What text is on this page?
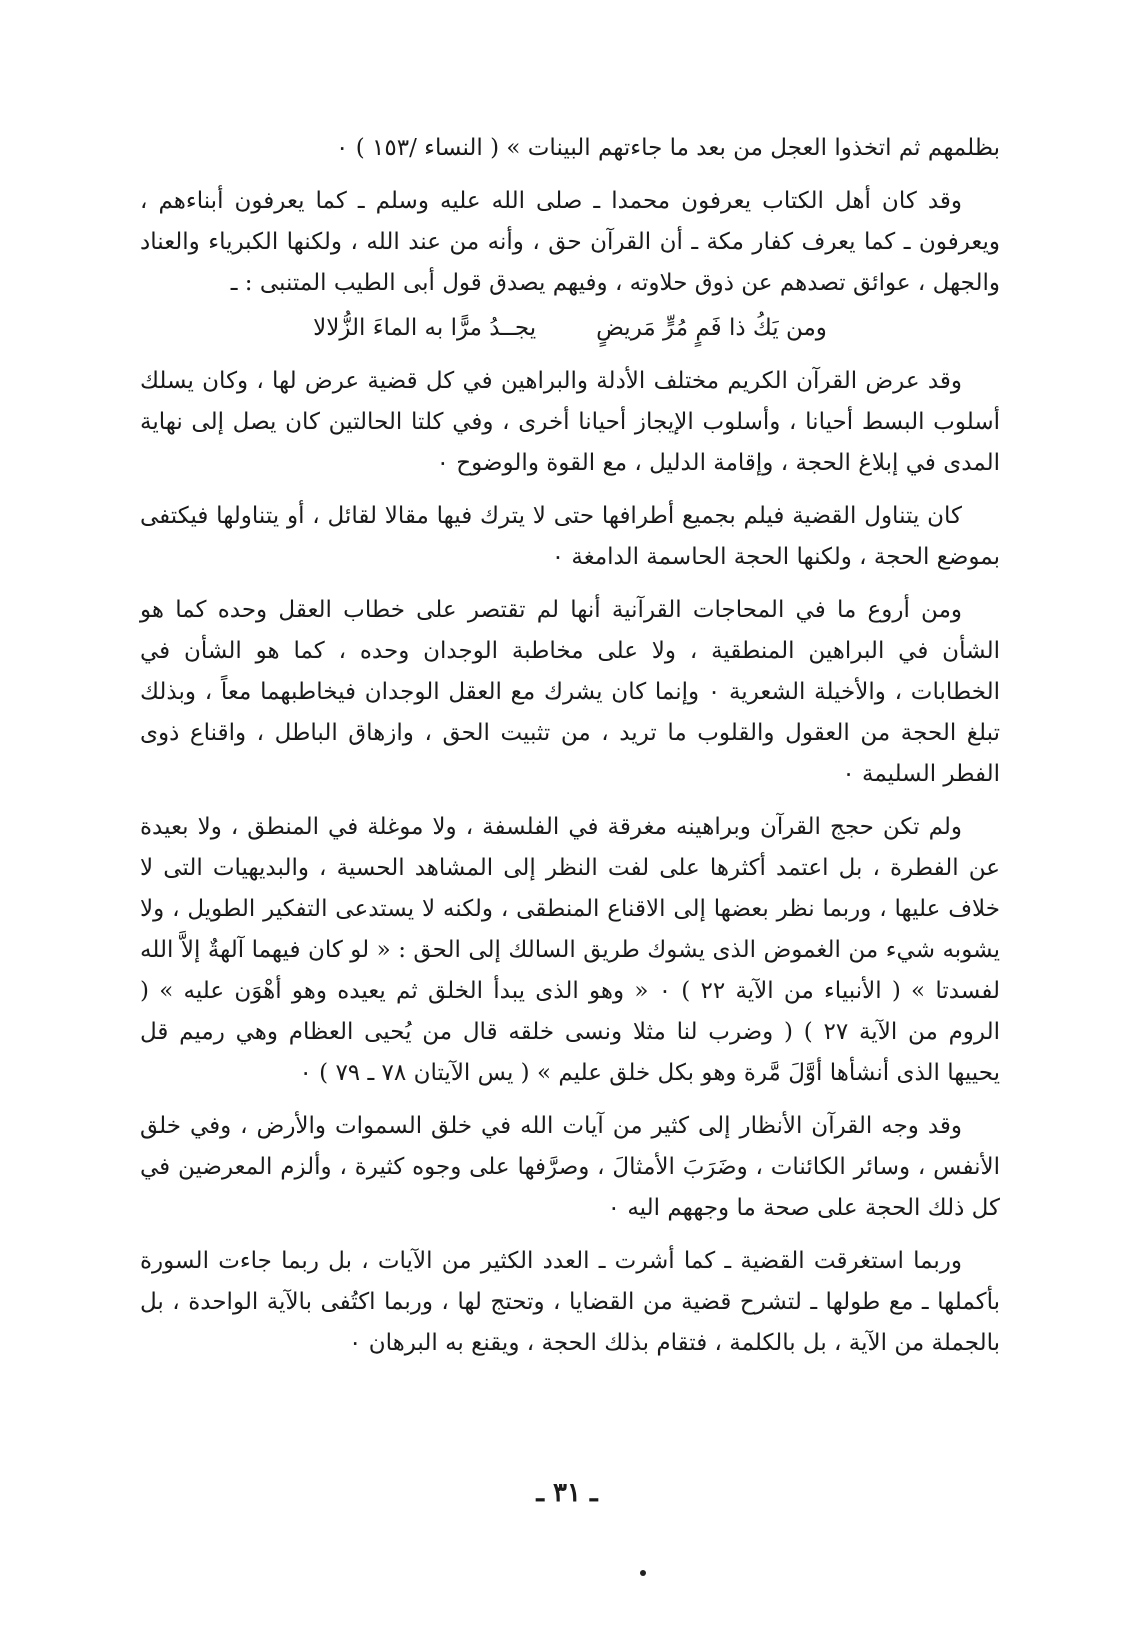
بظلمهم ثم اتخذوا العجل من بعد ما جاءتهم البينات » ( النساء /١٥٣ ) ٠

وقد كان أهل الكتاب يعرفون محمدا ـ صلى الله عليه وسلم ـ كما يعرفون أبناءهم ، ويعرفون ـ كما يعرف كفار مكة ـ أن القرآن حق ، وأنه من عند الله ، ولكنها الكبرياء والعناد والجهل ، عوائق تصدهم عن ذوق حلاوته ، وفيهم يصدق قول أبى الطيب المتنبى : ـ

ومن يَكُ ذا فَمٍ مُرٍّ مَريضٍ
يجــدُ مرًّا به الماءَ الزُّلالا

وقد عرض القرآن الكريم مختلف الأدلة والبراهين في كل قضية عرض لها ، وكان يسلك أسلوب البسط أحيانا ، وأسلوب الإيجاز أحيانا أخرى ، وفي كلتا الحالتين كان يصل إلى نهاية المدى في إبلاغ الحجة ، وإقامة الدليل ، مع القوة والوضوح ٠

كان يتناول القضية فيلم بجميع أطرافها حتى لا يترك فيها مقالا لقائل ، أو يتناولها فيكتفى بموضع الحجة ، ولكنها الحجة الحاسمة الدامغة ٠

ومن أروع ما في المحاجات القرآنية أنها لم تقتصر على خطاب العقل وحده كما هو الشأن في البراهين المنطقية ، ولا على مخاطبة الوجدان وحده ، كما هو الشأن في الخطابات ، والأخيلة الشعرية ٠ وإنما كان يشرك مع العقل الوجدان فيخاطبهما معاً ، وبذلك تبلغ الحجة من العقول والقلوب ما تريد ، من تثبيت الحق ، وازهاق الباطل ، واقناع ذوى الفطر السليمة ٠

ولم تكن حجج القرآن وبراهينه مغرقة في الفلسفة ، ولا موغلة في المنطق ، ولا بعيدة عن الفطرة ، بل اعتمد أكثرها على لفت النظر إلى المشاهد الحسية ، والبديهيات التى لا خلاف عليها ، وربما نظر بعضها إلى الاقناع المنطقى ، ولكنه لا يستدعى التفكير الطويل ، ولا يشوبه شيء من الغموض الذى يشوك طريق السالك إلى الحق : « لو كان فيهما آلهةٌ إلاَّ الله لفسدتا » ( الأنبياء من الآية ٢٢ ) ٠ « وهو الذى يبدأ الخلق ثم يعيده وهو أهْوَن عليه » ( الروم من الآية ٢٧ ) ( وضرب لنا مثلا ونسى خلقه قال من يُحيى العظام وهي رميم قل يحييها الذى أنشأها أوَّلَ مَّرة وهو بكل خلق عليم » ( يس الآيتان ٧٨ ـ ٧٩ ) ٠

وقد وجه القرآن الأنظار إلى كثير من آيات الله في خلق السموات والأرض ، وفي خلق الأنفس ، وسائر الكائنات ، وضَرَبَ الأمثالَ ، وصرَّفها على وجوه كثيرة ، وألزم المعرضين في كل ذلك الحجة على صحة ما وجههم اليه ٠

وربما استغرقت القضية ـ كما أشرت ـ العدد الكثير من الآيات ، بل ربما جاءت السورة بأكملها ـ مع طولها ـ لتشرح قضية من القضايا ، وتحتج لها ، وربما اكتُفى بالآية الواحدة ، بل بالجملة من الآية ، بل بالكلمة ، فتقام بذلك الحجة ، ويقنع به البرهان ٠

ـ ٣١ ـ
